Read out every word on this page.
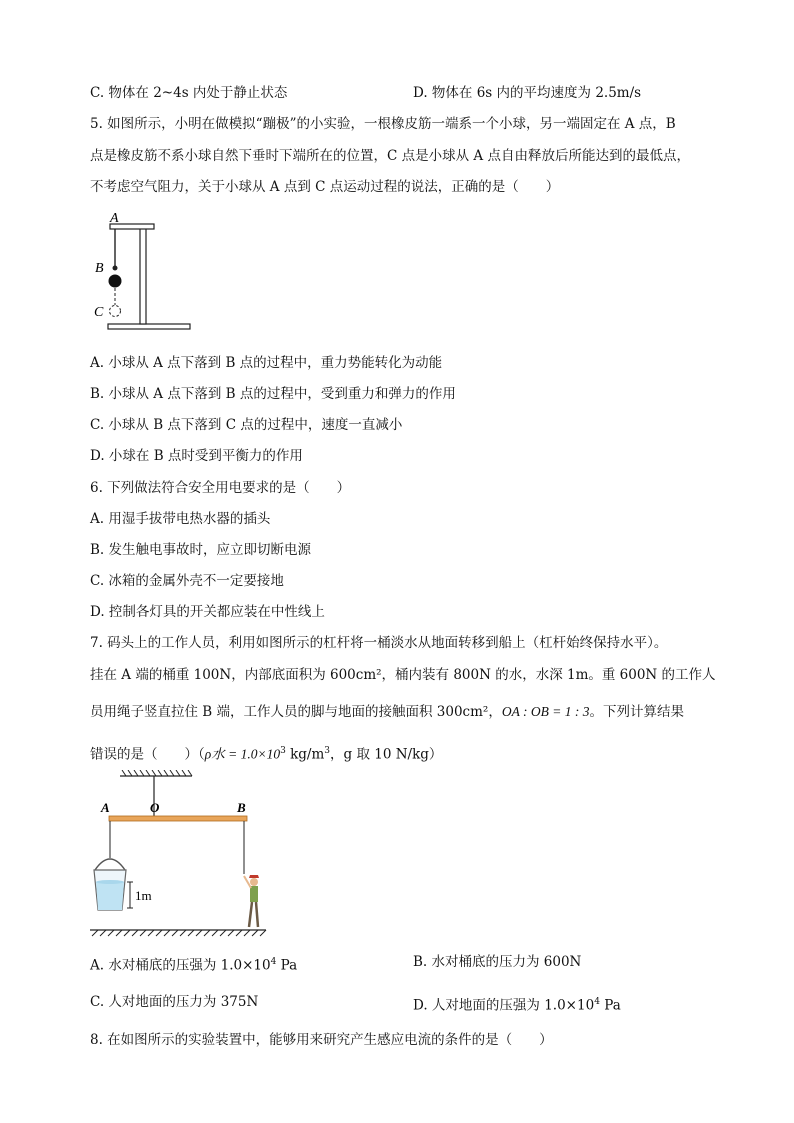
C. 物体在 2~4s 内处于静止状态	D. 物体在 6s 内的平均速度为 2.5m/s
5. 如图所示，小明在做模拟“蹦极”的小实验，一根橡皮筋一端系一个小球，另一端固定在 A 点，B
点是橡皮筋不系小球自然下垂时下端所在的位置，C 点是小球从 A 点自由释放后所能达到的最低点，
不考虑空气阻力，关于小球从 A 点到 C 点运动过程的说法，正确的是（　　）
A
B
C
A. 小球从 A 点下落到 B 点的过程中，重力势能转化为动能
B. 小球从 A 点下落到 B 点的过程中，受到重力和弹力的作用
C. 小球从 B 点下落到 C 点的过程中，速度一直减小
D. 小球在 B 点时受到平衡力的作用
6. 下列做法符合安全用电要求的是（　　）
A. 用湿手拔带电热水器的插头
B. 发生触电事故时，应立即切断电源
C. 冰箱的金属外壳不一定要接地
D. 控制各灯具的开关都应装在中性线上
7. 码头上的工作人员，利用如图所示的杠杆将一桶淡水从地面转移到船上（杠杆始终保持水平）。
挂在 A 端的桶重 100N，内部底面积为 600cm²，桶内装有 800N 的水，水深 1m。重 600N 的工作人
员用绳子竖直拉住 B 端，工作人员的脚与地面的接触面积 300cm²，OA : OB = 1 : 3。下列计算结果
错误的是（　　）（ρ水 = $1.0\times 10^3$ $kg/m^3$，g 取 10 N/kg）
A	O	B
1m
A. 水对桶底的压强为 $1.0\times 10^4$ Pa	B. 水对桶底的压力为 600N
C. 人对地面的压力为 375N	D. 人对地面的压强为 $1.0\times 10^4$ Pa
8. 在如图所示的实验装置中，能够用来研究产生感应电流的条件的是（　　）
